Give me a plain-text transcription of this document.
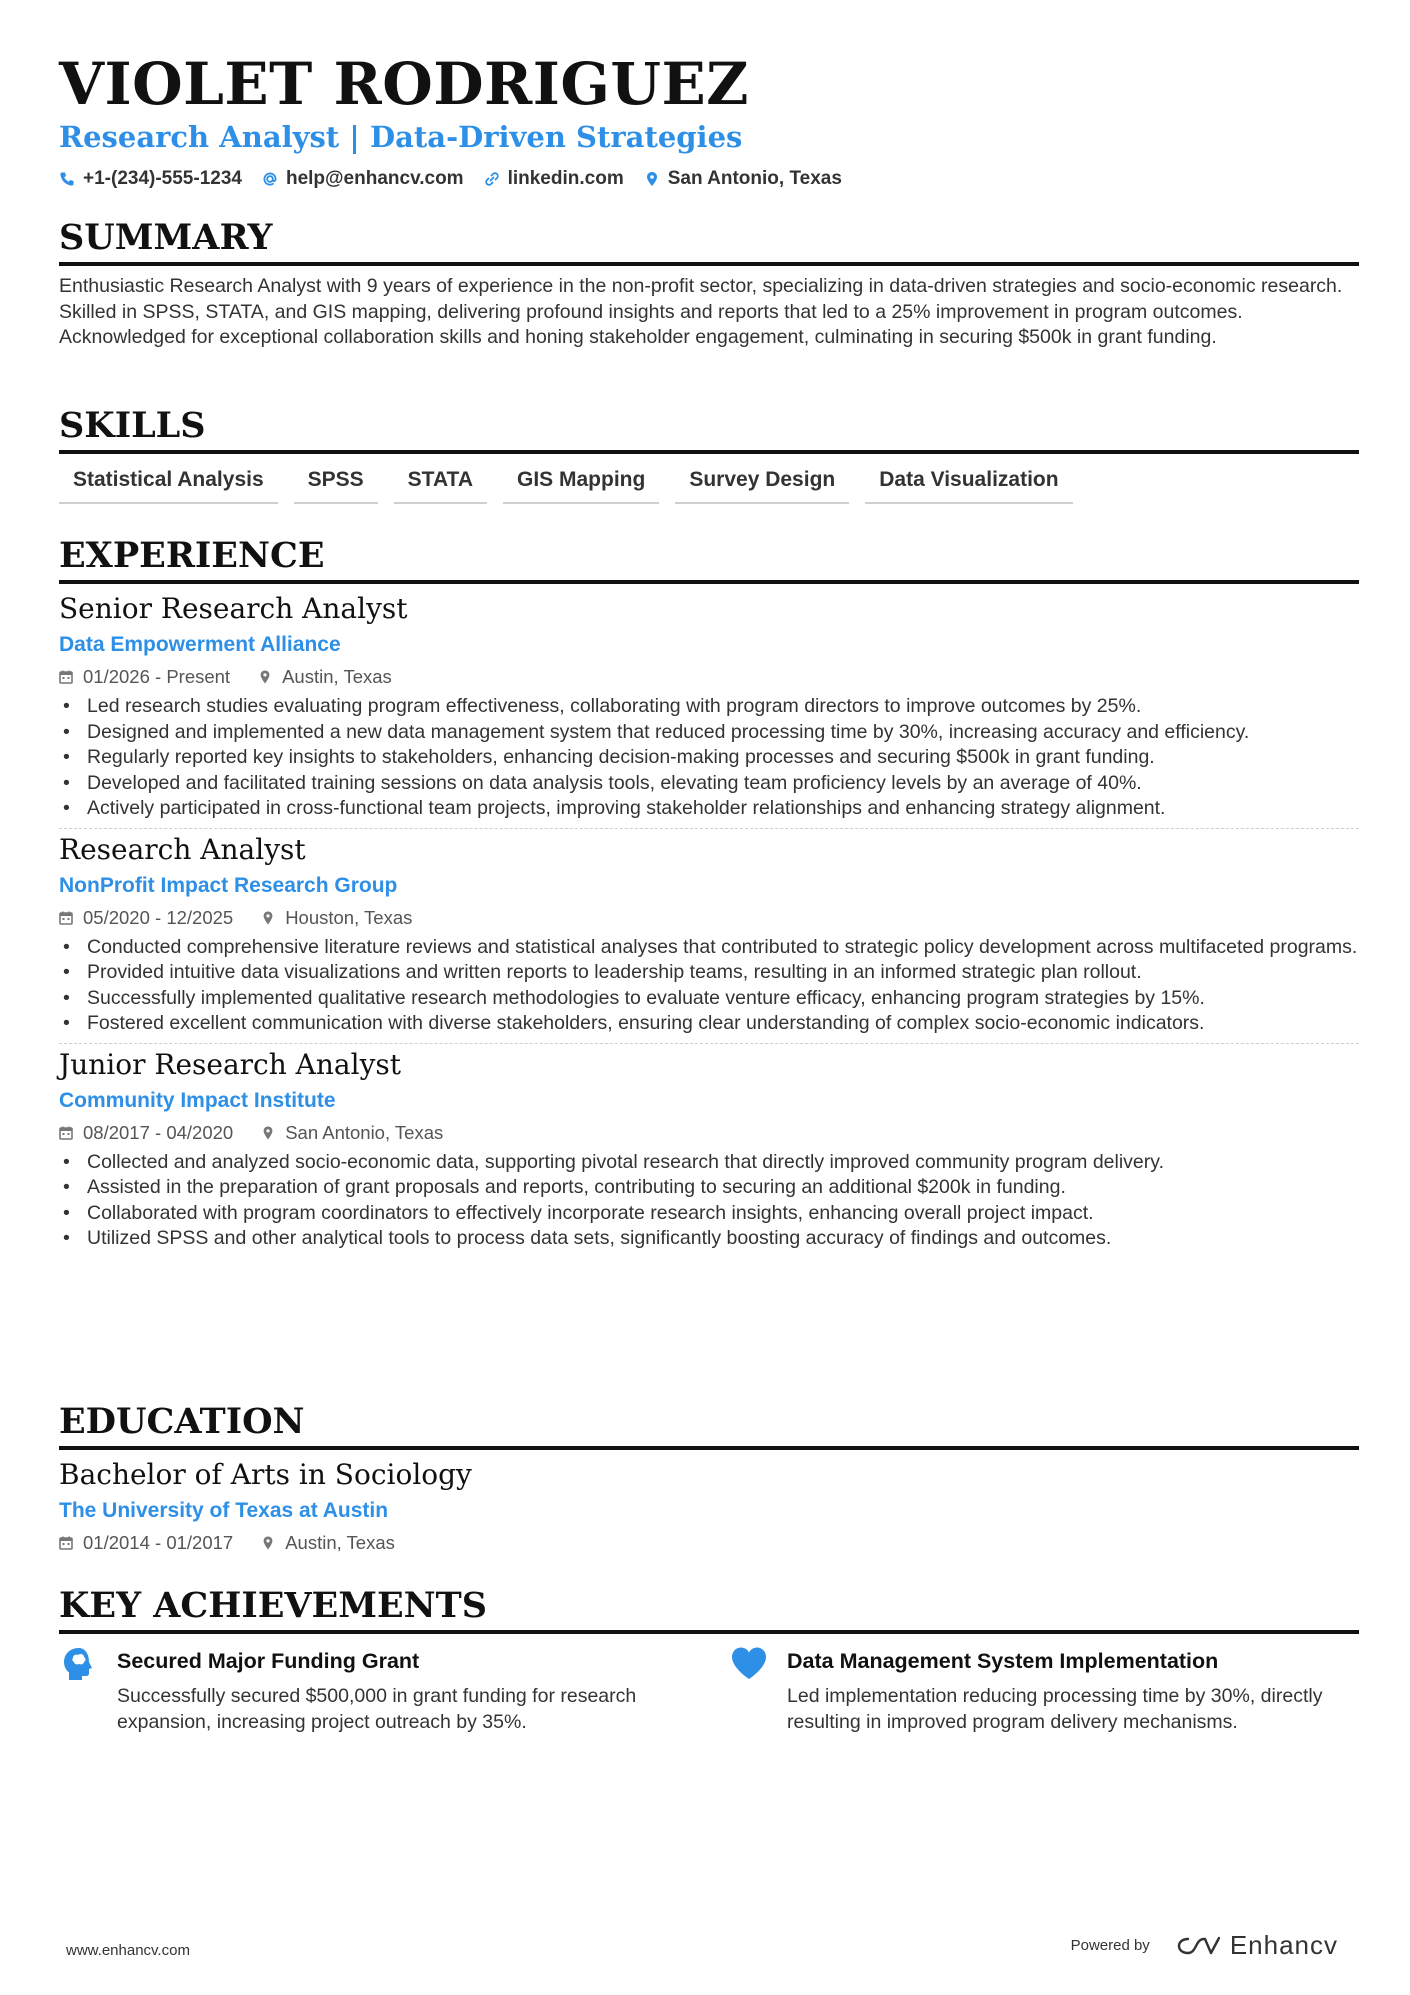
VIOLET RODRIGUEZ
Research Analyst | Data-Driven Strategies
+1-(234)-555-1234 help@enhancv.com linkedin.com San Antonio, Texas
SUMMARY
Enthusiastic Research Analyst with 9 years of experience in the non-profit sector, specializing in data-driven strategies and socio-economic research. Skilled in SPSS, STATA, and GIS mapping, delivering profound insights and reports that led to a 25% improvement in program outcomes. Acknowledged for exceptional collaboration skills and honing stakeholder engagement, culminating in securing $500k in grant funding.
SKILLS
Statistical Analysis	SPSS	STATA	GIS Mapping	Survey Design	Data Visualization
EXPERIENCE
Senior Research Analyst
Data Empowerment Alliance
01/2026 - Present	Austin, Texas
• Led research studies evaluating program effectiveness, collaborating with program directors to improve outcomes by 25%.
• Designed and implemented a new data management system that reduced processing time by 30%, increasing accuracy and efficiency.
• Regularly reported key insights to stakeholders, enhancing decision-making processes and securing $500k in grant funding.
• Developed and facilitated training sessions on data analysis tools, elevating team proficiency levels by an average of 40%.
• Actively participated in cross-functional team projects, improving stakeholder relationships and enhancing strategy alignment.
Research Analyst
NonProfit Impact Research Group
05/2020 - 12/2025	Houston, Texas
• Conducted comprehensive literature reviews and statistical analyses that contributed to strategic policy development across multifaceted programs.
• Provided intuitive data visualizations and written reports to leadership teams, resulting in an informed strategic plan rollout.
• Successfully implemented qualitative research methodologies to evaluate venture efficacy, enhancing program strategies by 15%.
• Fostered excellent communication with diverse stakeholders, ensuring clear understanding of complex socio-economic indicators.
Junior Research Analyst
Community Impact Institute
08/2017 - 04/2020	San Antonio, Texas
• Collected and analyzed socio-economic data, supporting pivotal research that directly improved community program delivery.
• Assisted in the preparation of grant proposals and reports, contributing to securing an additional $200k in funding.
• Collaborated with program coordinators to effectively incorporate research insights, enhancing overall project impact.
• Utilized SPSS and other analytical tools to process data sets, significantly boosting accuracy of findings and outcomes.
EDUCATION
Bachelor of Arts in Sociology
The University of Texas at Austin
01/2014 - 01/2017	Austin, Texas
KEY ACHIEVEMENTS
Secured Major Funding Grant
Successfully secured $500,000 in grant funding for research expansion, increasing project outreach by 35%.
Data Management System Implementation
Led implementation reducing processing time by 30%, directly resulting in improved program delivery mechanisms.
www.enhancv.com	Powered by	Enhancv
